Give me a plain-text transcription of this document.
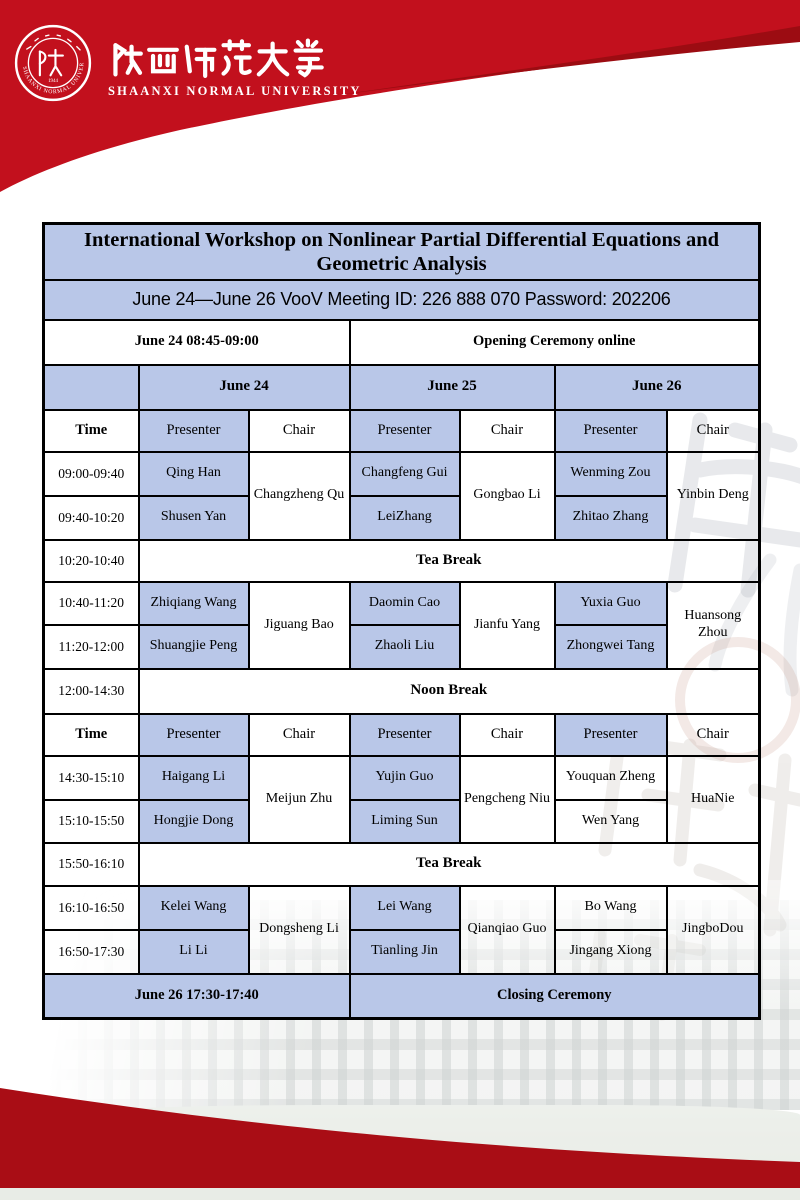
SHAANXI NORMAL UNIVERSITY
1944
SHAANXI NORMAL UNIVERSITY
International Workshop on Nonlinear Partial Differential Equations and Geometric Analysis						
June 24—June 26 VooV Meeting ID: 226 888 070 Password: 202206						
June 24 08:45-09:00			Opening Ceremony online			
	June 24		June 25		June 26	
Time	Presenter	Chair	Presenter	Chair	Presenter	Chair
09:00-09:40	Qing Han	Changzheng Qu	Changfeng Gui	Gongbao Li	Wenming Zou	Yinbin Deng
09:40-10:20	Shusen Yan		LeiZhang		Zhitao Zhang	
10:20-10:40	Tea Break					
10:40-11:20	Zhiqiang Wang	Jiguang Bao	Daomin Cao	Jianfu Yang	Yuxia Guo	Huansong Zhou
11:20-12:00	Shuangjie Peng		Zhaoli Liu		Zhongwei Tang	
12:00-14:30	Noon Break					
Time	Presenter	Chair	Presenter	Chair	Presenter	Chair
14:30-15:10	Haigang Li	Meijun Zhu	Yujin Guo	Pengcheng Niu	Youquan Zheng	HuaNie
15:10-15:50	Hongjie Dong		Liming Sun		Wen Yang	
15:50-16:10	Tea Break					
16:10-16:50	Kelei Wang	Dongsheng Li	Lei Wang	Qianqiao Guo	Bo Wang	JingboDou
16:50-17:30	Li Li		Tianling Jin		Jingang Xiong	
June 26 17:30-17:40			Closing Ceremony			
